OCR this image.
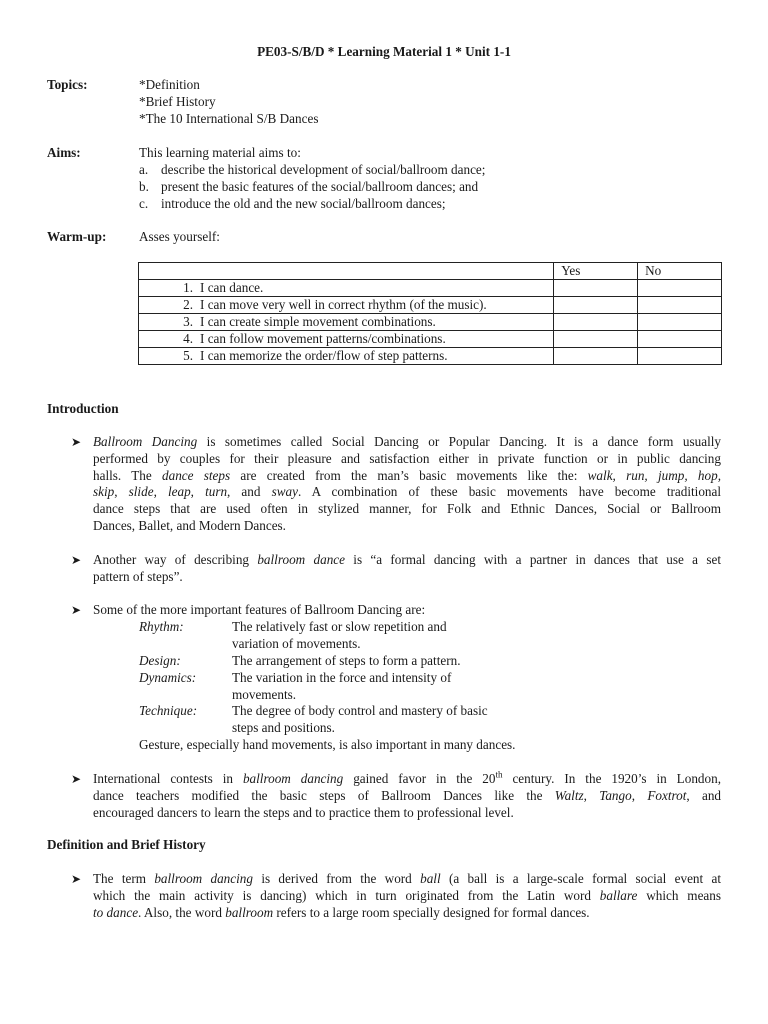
PE03-S/B/D * Learning Material 1 * Unit 1-1
Topics:	*Definition
*Brief History
*The 10 International S/B Dances
Aims:	This learning material aims to:
a. describe the historical development of social/ballroom dance;
b. present the basic features of the social/ballroom dances; and
c. introduce the old and the new social/ballroom dances;
Warm-up: Asses yourself:
	Yes	No
1. I can dance.		
2. I can move very well in correct rhythm (of the music).		
3. I can create simple movement combinations.		
4. I can follow movement patterns/combinations.		
5. I can memorize the order/flow of step patterns.		
Introduction
➤ Ballroom Dancing is sometimes called Social Dancing or Popular Dancing. It is a dance form usually
performed by couples for their pleasure and satisfaction either in private function or in public dancing
halls. The dance steps are created from the man’s basic movements like the: walk, run, jump, hop,
skip, slide, leap, turn, and sway. A combination of these basic movements have become traditional
dance steps that are used often in stylized manner, for Folk and Ethnic Dances, Social or Ballroom
Dances, Ballet, and Modern Dances.
➤ Another way of describing ballroom dance is “a formal dancing with a partner in dances that use a set
pattern of steps”.
➤ Some of the more important features of Ballroom Dancing are:
Rhythm:	The relatively fast or slow repetition and
variation of movements.
Design:	The arrangement of steps to form a pattern.
Dynamics:	The variation in the force and intensity of
movements.
Technique:	The degree of body control and mastery of basic
steps and positions.
Gesture, especially hand movements, is also important in many dances.
➤ International contests in ballroom dancing gained favor in the 20th century. In the 1920’s in London,
dance teachers modified the basic steps of Ballroom Dances like the Waltz, Tango, Foxtrot, and
encouraged dancers to learn the steps and to practice them to professional level.
Definition and Brief History
➤ The term ballroom dancing is derived from the word ball (a ball is a large-scale formal social event at
which the main activity is dancing) which in turn originated from the Latin word ballare which means
to dance. Also, the word ballroom refers to a large room specially designed for formal dances.
